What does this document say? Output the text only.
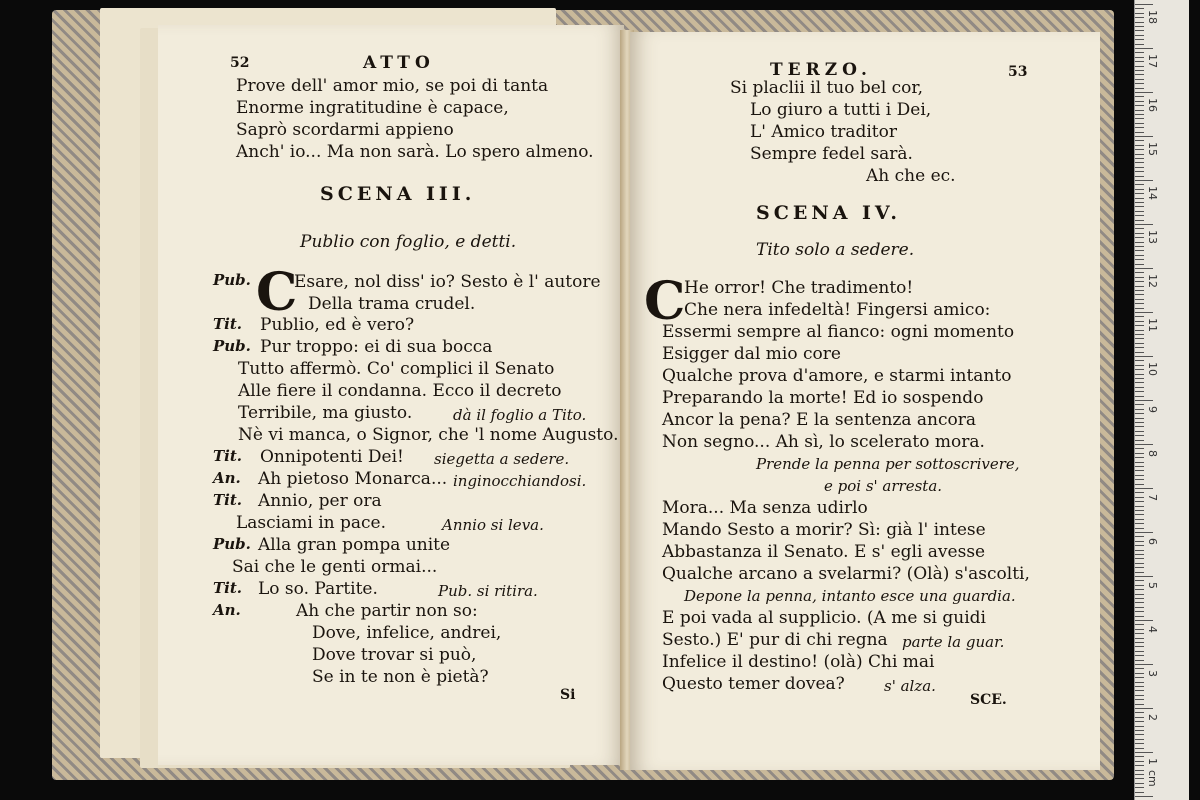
52	ATTO
Prove dell' amor mio, se poi di tanta
Enorme ingratitudine è capace,
Saprò scordarmi appieno
Anch' io... Ma non sarà. Lo spero almeno.
SCENA III.
Publio con foglio, e detti.
C
Pub.	Esare, nol diss' io? Sesto è l' autore
Della trama crudel.
Tit. Publio, ed è vero?
Pub. Pur troppo: ei di sua bocca
Tutto affermò. Co' complici il Senato
Alle fiere il condanna. Ecco il decreto
Terribile, ma giusto.	dà il foglio a Tito.
Nè vi manca, o Signor, che 'l nome Augusto.
Tit. Onnipotenti Dei! siegetta a sedere.
An. Ah pietoso Monarca... inginocchiandosi.
Tit. Annio, per ora
Lasciami in pace.	Annio si leva.
Pub. Alla gran pompa unite
Sai che le genti ormai...
Tit. Lo so. Partite.	Pub. si ritira.
An.	Ah che partir non so:
Dove, infelice, andrei,
Dove trovar si può,
Se in te non è pietà?
Si
TERZO.	53
Si placlii il tuo bel cor,
Lo giuro a tutti i Dei,
L' Amico traditor
Sempre fedel sarà.
Ah che ec.
SCENA IV.
Tito solo a sedere.
C
He orror! Che tradimento!
Che nera infedeltà! Fingersi amico:
Essermi sempre al fianco: ogni momento
Esigger dal mio core
Qualche prova d'amore, e starmi intanto
Preparando la morte! Ed io sospendo
Ancor la pena? E la sentenza ancora
Non segno... Ah sì, lo scelerato mora.
Prende la penna per sottoscrivere,
e poi s' arresta.
Mora... Ma senza udirlo
Mando Sesto a morir? Sì: già l' intese
Abbastanza il Senato. E s' egli avesse
Qualche arcano a svelarmi? (Olà) s'ascolti,
Depone la penna, intanto esce una guardia.
E poi vada al supplicio. (A me si guidi
Sesto.) E' pur di chi regna parte la guar.
Infelice il destino! (olà) Chi mai
Questo temer dovea?	s' alza.
SCE.
18
17
16
15
14
13
12
11
10
9
8
7
6
5
4
3
2
1
cm
